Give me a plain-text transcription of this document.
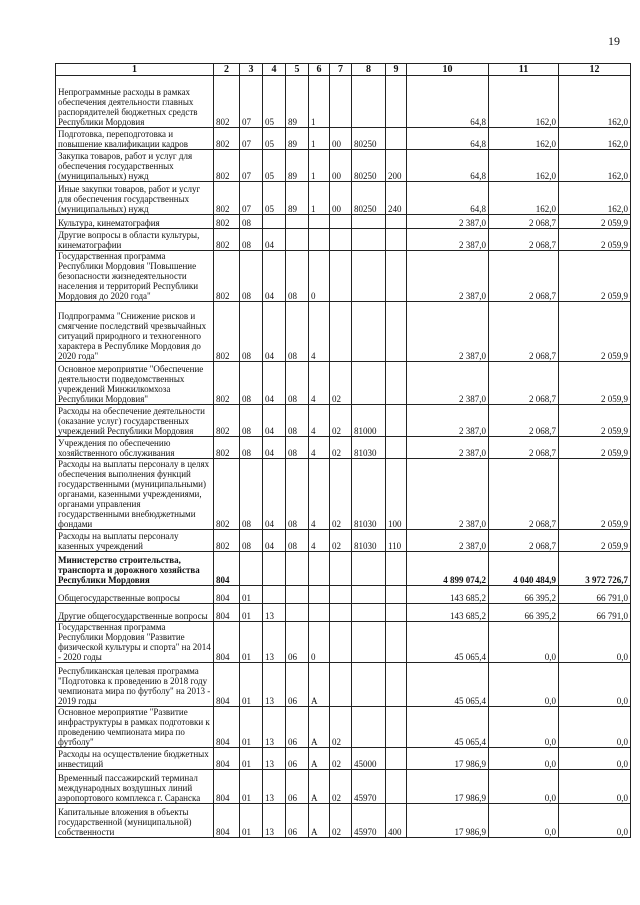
19
1	2	3	4	5	6	7	8	9	10	11	12
Непрограммные расходы в рамках обеспечения деятельности главных распорядителей бюджетных средств Республики Мордовия	802	07	05	89	1				64,8	162,0	162,0
Подготовка, переподготовка и повышение квалификации кадров	802	07	05	89	1	00	80250		64,8	162,0	162,0
Закупка товаров, работ и услуг для обеспечения государственных (муниципальных) нужд	802	07	05	89	1	00	80250	200	64,8	162,0	162,0
Иные закупки товаров, работ и услуг для обеспечения государственных (муниципальных) нужд	802	07	05	89	1	00	80250	240	64,8	162,0	162,0
Культура, кинематография	802	08							2 387,0	2 068,7	2 059,9
Другие вопросы в области культуры, кинематографии	802	08	04						2 387,0	2 068,7	2 059,9
Государственная программа Республики Мордовия "Повышение безопасности жизнедеятельности населения и территорий Республики Мордовия до 2020 года"	802	08	04	08	0				2 387,0	2 068,7	2 059,9
Подпрограмма "Снижение рисков и смягчение последствий чрезвычайных ситуаций природного и техногенного характера в Республике Мордовия до 2020 года"	802	08	04	08	4				2 387,0	2 068,7	2 059,9
Основное мероприятие "Обеспечение деятельности подведомственных учреждений Минжилкомхоза Республики Мордовия"	802	08	04	08	4	02			2 387,0	2 068,7	2 059,9
Расходы на обеспечение деятельности (оказание услуг) государственных учреждений Республики Мордовия	802	08	04	08	4	02	81000		2 387,0	2 068,7	2 059,9
Учреждения по обеспечению хозяйственного обслуживания	802	08	04	08	4	02	81030		2 387,0	2 068,7	2 059,9
Расходы на выплаты персоналу в целях обеспечения выполнения функций государственными (муниципальными) органами, казенными учреждениями, органами управления государственными внебюджетными фондами	802	08	04	08	4	02	81030	100	2 387,0	2 068,7	2 059,9
Расходы на выплаты персоналу казенных учреждений	802	08	04	08	4	02	81030	110	2 387,0	2 068,7	2 059,9
Министерство строительства, транспорта и дорожного хозяйства Республики Мордовия	804								4 899 074,2	4 040 484,9	3 972 726,7
Общегосударственные вопросы	804	01							143 685,2	66 395,2	66 791,0
Другие общегосударственные вопросы	804	01	13						143 685,2	66 395,2	66 791,0
Государственная программа Республики Мордовия "Развитие физической культуры и спорта" на 2014 - 2020 годы	804	01	13	06	0				45 065,4	0,0	0,0
Республиканская целевая программа "Подготовка к проведению в 2018 году чемпионата мира по футболу" на 2013 - 2019 годы	804	01	13	06	А				45 065,4	0,0	0,0
Основное мероприятие "Развитие инфраструктуры в рамках подготовки к проведению чемпионата мира по футболу"	804	01	13	06	А	02			45 065,4	0,0	0,0
Расходы на осуществление бюджетных инвестиций	804	01	13	06	А	02	45000		17 986,9	0,0	0,0
Временный пассажирский терминал международных воздушных линий аэропортового комплекса г. Саранска	804	01	13	06	А	02	45970		17 986,9	0,0	0,0
Капитальные вложения в объекты государственной (муниципальной) собственности	804	01	13	06	А	02	45970	400	17 986,9	0,0	0,0
